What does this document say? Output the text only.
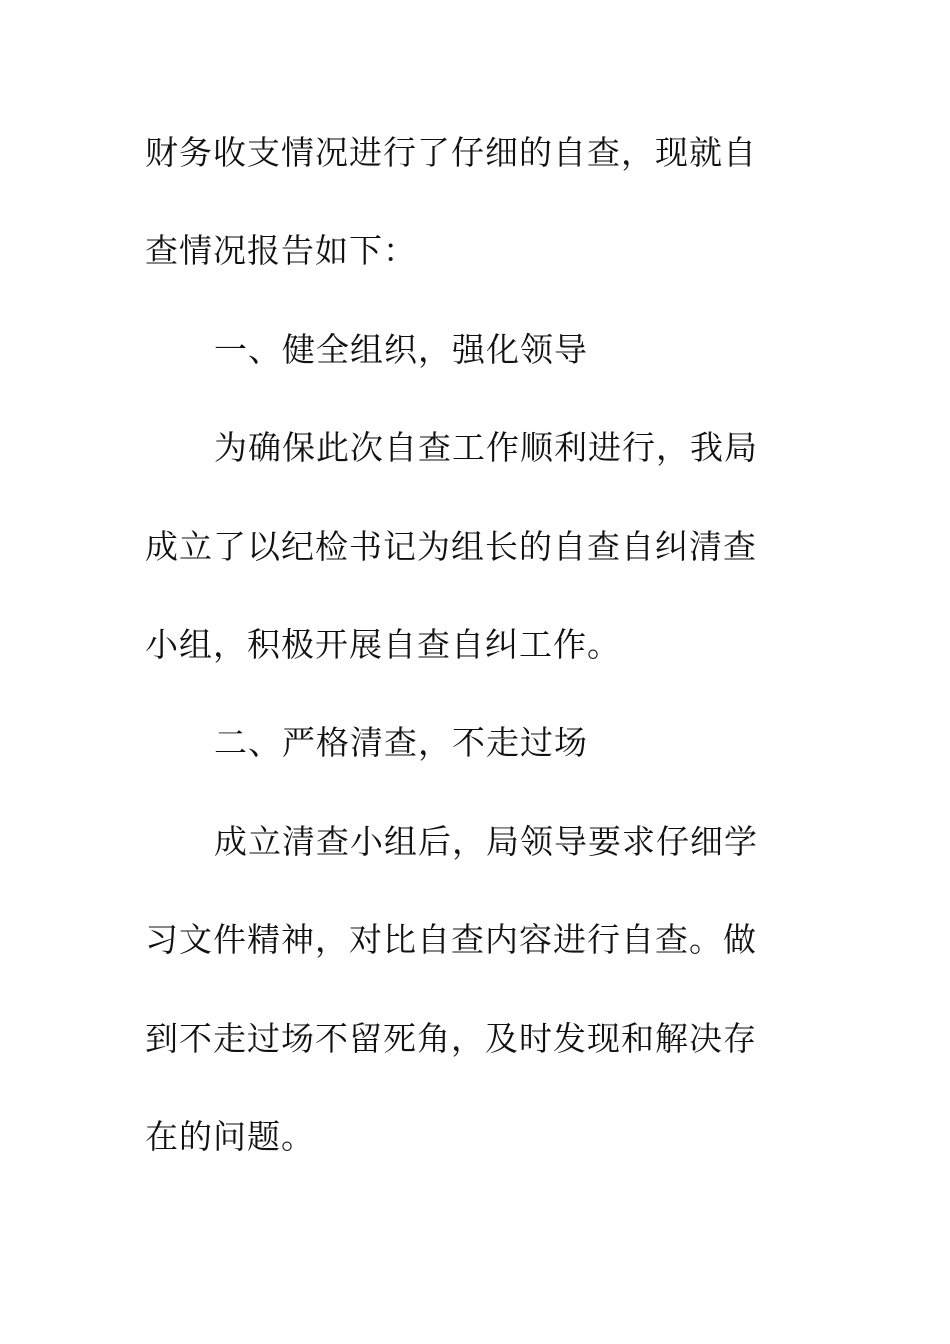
财务收支情况进行了仔细的自查，现就自
查情况报告如下：
一、健全组织，强化领导
为确保此次自查工作顺利进行，我局
成立了以纪检书记为组长的自查自纠清查
小组，积极开展自查自纠工作。
二、严格清查，不走过场
成立清查小组后，局领导要求仔细学
习文件精神，对比自查内容进行自查。做
到不走过场不留死角，及时发现和解决存
在的问题。
